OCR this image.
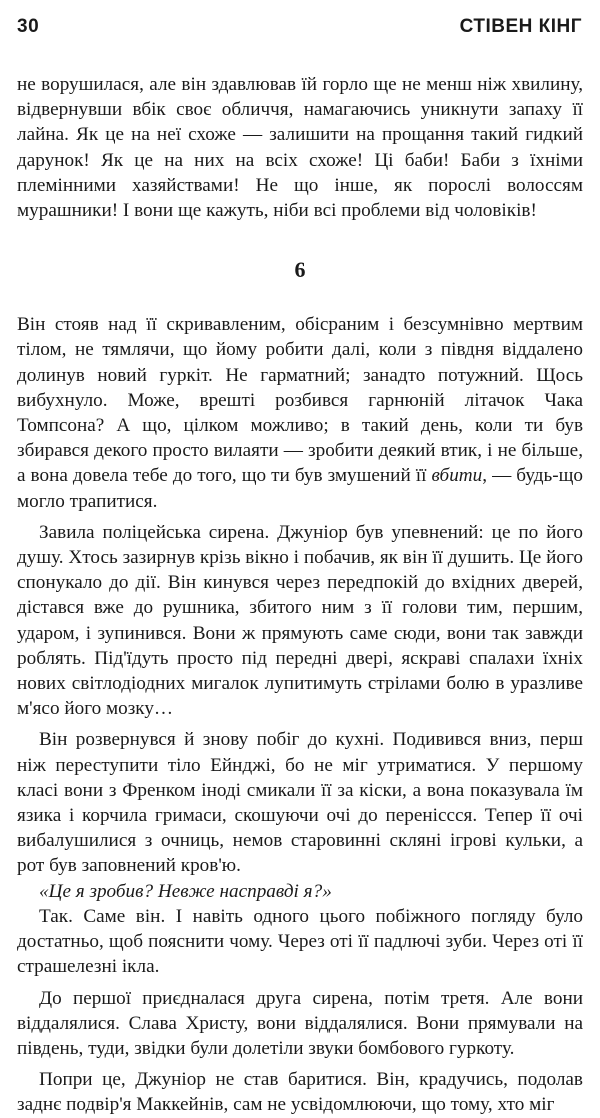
30	СТІВЕН КІНГ

не ворушилася, але він здавлював їй горло ще не менш ніж хвилину, відвернувши вбік своє обличчя, намагаючись уникнути запаху її лайна. Як це на неї схоже — залишити на прощання такий гидкий дарунок! Як це на них на всіх схоже! Ці баби! Баби з їхніми племінними хазяйствами! Не що інше, як порослі волоссям мурашники! І вони ще кажуть, ніби всі проблеми від чоловіків!

6

Він стояв над її скривавленим, обісраним і безсумнівно мертвим тілом, не тямлячи, що йому робити далі, коли з півдня віддалено долинув новий гуркіт. Не гарматний; занадто потужний. Щось вибухнуло. Може, врешті розбився гарнюній літачок Чака Томпсона? А що, цілком можливо; в такий день, коли ти був збирався декого просто вилаяти — зробити деякий втик, і не більше, а вона довела тебе до того, що ти був змушений її вбити, — будь-що могло трапитися.

Завила поліцейська сирена. Джуніор був упевнений: це по його душу. Хтось зазирнув крізь вікно і побачив, як він її душить. Це його спонукало до дії. Він кинувся через передпокій до вхідних дверей, дістався вже до рушника, збитого ним з її голови тим, першим, ударом, і зупинився. Вони ж прямують саме сюди, вони так завжди роблять. Під'їдуть просто під передні двері, яскраві спалахи їхніх нових світлодіодних мигалок лупитимуть стрілами болю в уразливе м'ясо його мозку…

Він розвернувся й знову побіг до кухні. Подивився вниз, перш ніж переступити тіло Ейнджі, бо не міг утриматися. У першому класі вони з Френком іноді смикали її за кіски, а вона показувала їм язика і корчила гримаси, скошуючи очі до переніссся. Тепер її очі вибалушилися з очниць, немов старовинні скляні ігрові кульки, а рот був заповнений кров'ю.

«Це я зробив? Невже насправді я?»

Так. Саме він. І навіть одного цього побіжного погляду було достатньо, щоб пояснити чому. Через оті її падлючі зуби. Через оті її страшелезні ікла.

До першої приєдналася друга сирена, потім третя. Але вони віддалялися. Слава Христу, вони віддалялися. Вони прямували на південь, туди, звідки були долетіли звуки бомбового гуркоту.

Попри це, Джуніор не став баритися. Він, крадучись, подолав заднє подвір'я Маккейнів, сам не усвідомлюючи, що тому, хто міг
